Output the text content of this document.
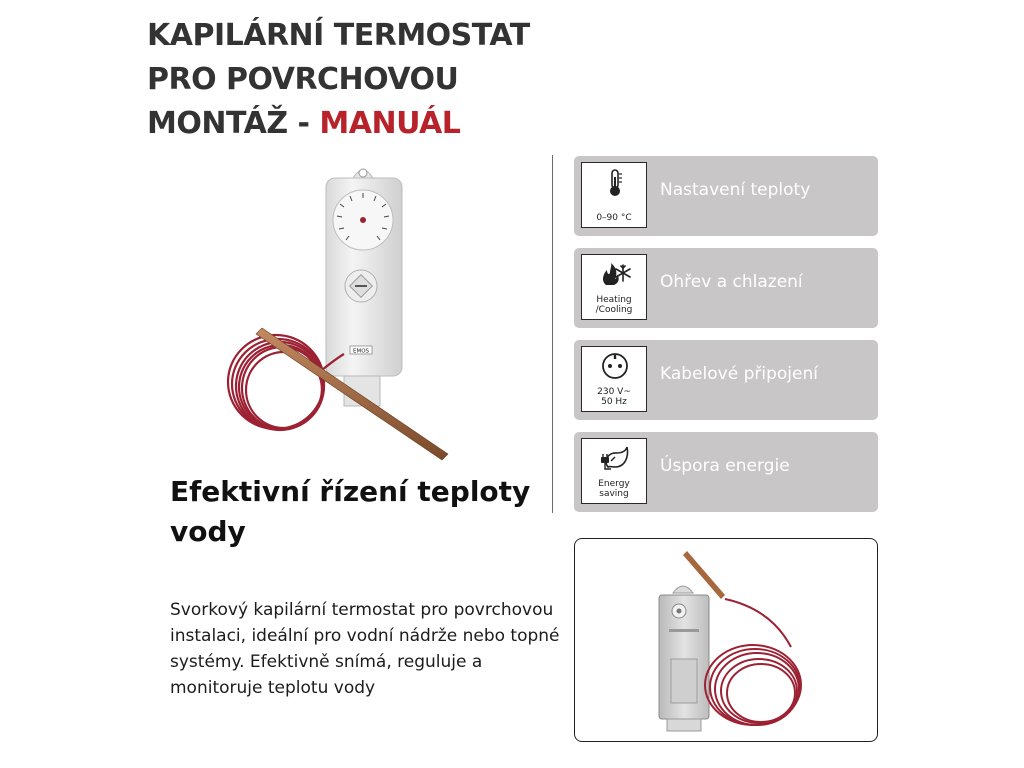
KAPILÁRNÍ TERMOSTAT
PRO POVRCHOVOU
MONTÁŽ - MANUÁL
EMOS
Efektivní řízení teploty vody

Svorkový kapilární termostat pro povrchovou instalaci, ideální pro vodní nádrže nebo topné systémy. Efektivně snímá, reguluje a monitoruje teplotu vody

0–90 °C
Nastavení teploty
Heating
/Cooling
Ohřev a chlazení
230 V~
50 Hz
Kabelové připojení
Energy
saving
Úspora energie
